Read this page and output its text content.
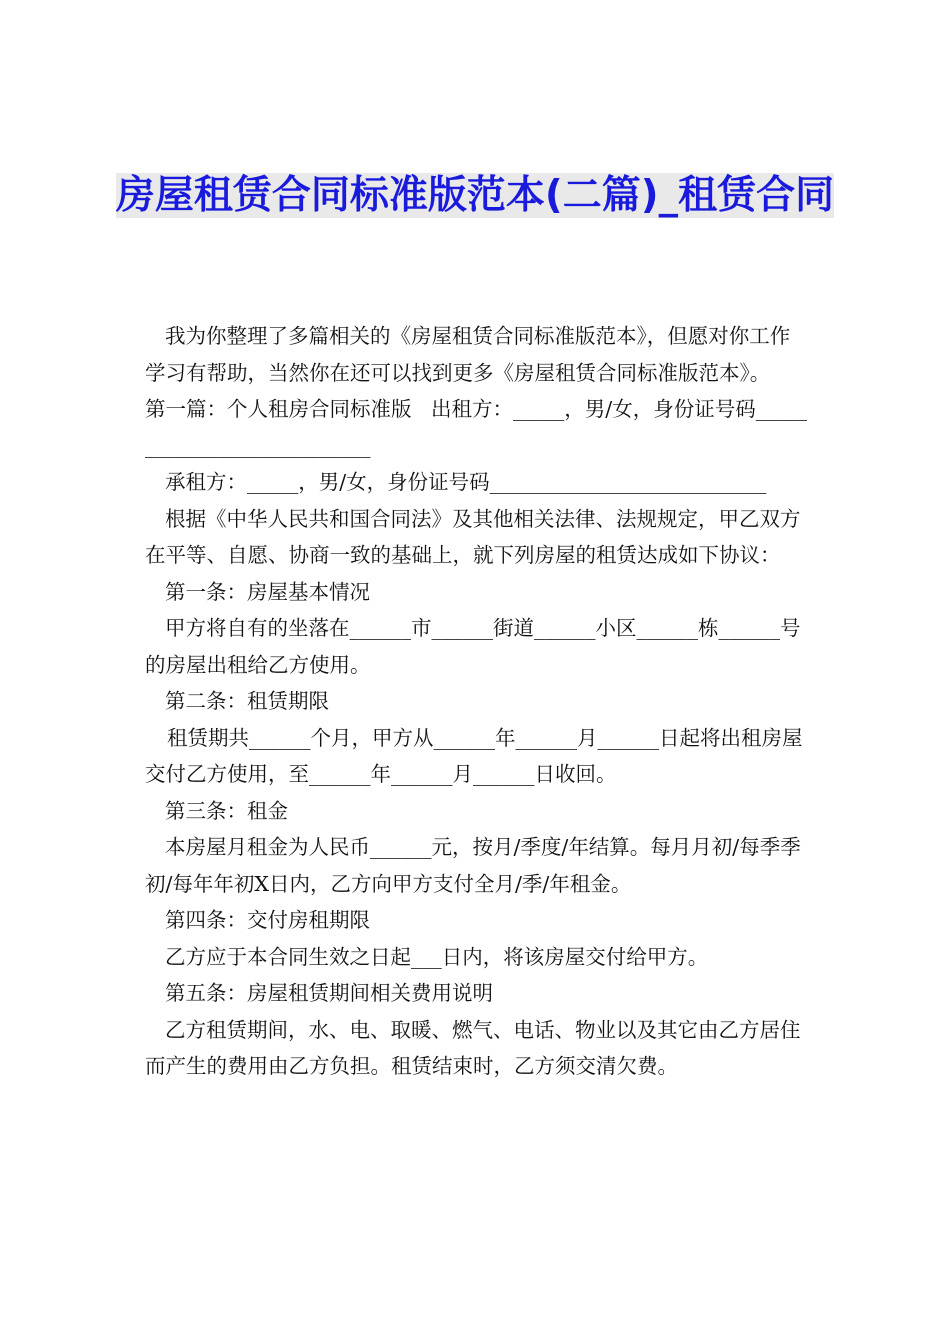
房屋租赁合同标准版范本(二篇)_租赁合同

我为你整理了多篇相关的《房屋租赁合同标准版范本》，但愿对你工作学习有帮助，当然你在还可以找到更多《房屋租赁合同标准版范本》。

第一篇：个人租房合同标准版   出租方：_____，男/女，身份证号码___________________________

承租方：_____，男/女，身份证号码___________________________

根据《中华人民共和国合同法》及其他相关法律、法规规定，甲乙双方在平等、自愿、协商一致的基础上，就下列房屋的租赁达成如下协议：

第一条：房屋基本情况

甲方将自有的坐落在______市______街道______小区______栋______号的房屋出租给乙方使用。

第二条：租赁期限

租赁期共______个月，甲方从______年______月______日起将出租房屋交付乙方使用，至______年______月______日收回。

第三条：租金

本房屋月租金为人民币______元，按月/季度/年结算。每月月初/每季季初/每年年初X日内，乙方向甲方支付全月/季/年租金。

第四条：交付房租期限

乙方应于本合同生效之日起___日内，将该房屋交付给甲方。

第五条：房屋租赁期间相关费用说明

乙方租赁期间，水、电、取暖、燃气、电话、物业以及其它由乙方居住而产生的费用由乙方负担。租赁结束时，乙方须交清欠费。
